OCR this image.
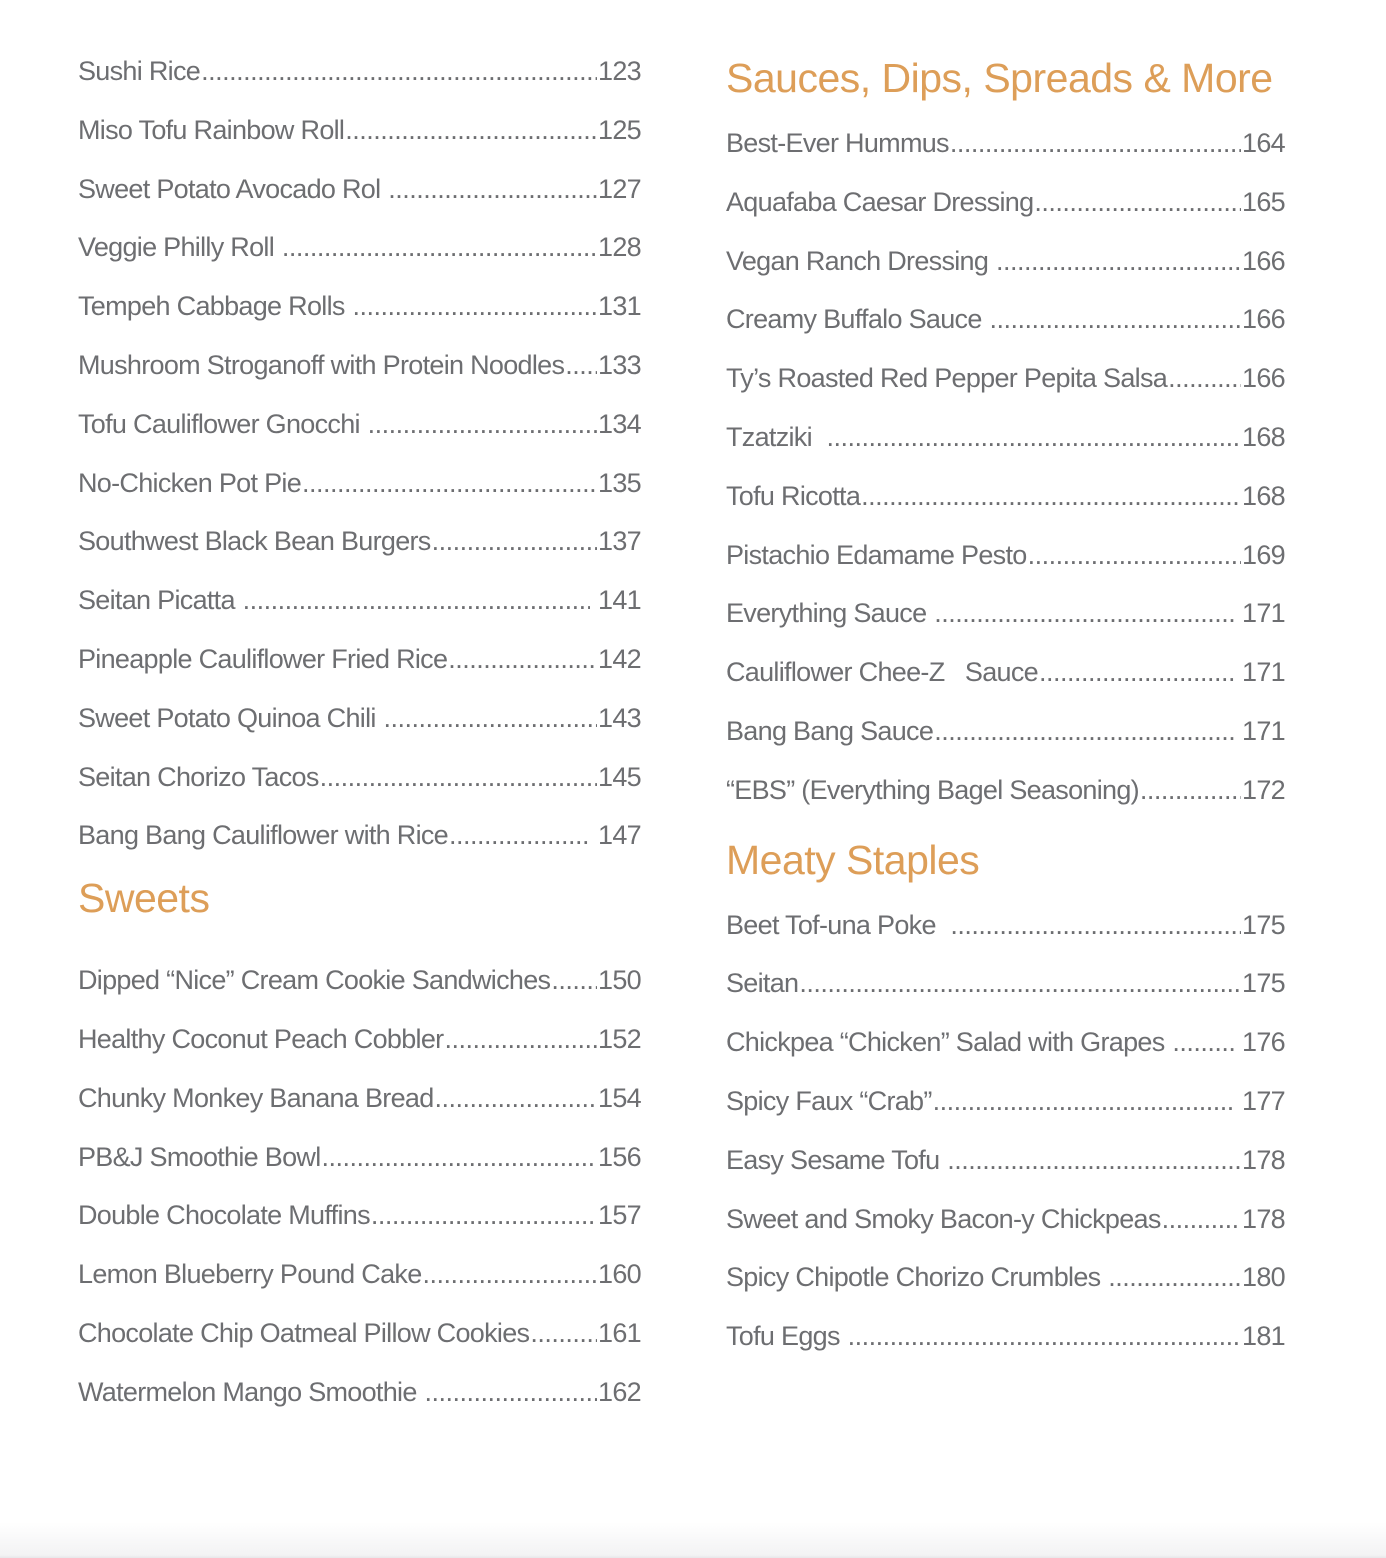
Sushi Rice .....	123
Miso Tofu Rainbow Roll .....	125
Sweet Potato Avocado Rol .....	127
Veggie Philly Roll .....	128
Tempeh Cabbage Rolls .....	131
Mushroom Stroganoff with Protein Noodles ..... 133
Tofu Cauliflower Gnocchi .....	134
No-Chicken Pot Pie .....	135
Southwest Black Bean Burgers .....	137
Seitan Picatta .....	141
Pineapple Cauliflower Fried Rice .....	142
Sweet Potato Quinoa Chili .....	143
Seitan Chorizo Tacos .....	145
Bang Bang Cauliflower with Rice .....	147
Sweets
Dipped “Nice” Cream Cookie Sandwiches ..... 150
Healthy Coconut Peach Cobbler .....	152
Chunky Monkey Banana Bread .....	154
PB&J Smoothie Bowl .....	156
Double Chocolate Muffins .....	157
Lemon Blueberry Pound Cake .....	160
Chocolate Chip Oatmeal Pillow Cookies .....	161
Watermelon Mango Smoothie .....	162
Sauces, Dips, Spreads & More
Best-Ever Hummus .....	164
Aquafaba Caesar Dressing .....	165
Vegan Ranch Dressing .....	166
Creamy Buffalo Sauce .....	166
Ty’s Roasted Red Pepper Pepita Salsa .....	166
Tzatziki .....	168
Tofu Ricotta .....	168
Pistachio Edamame Pesto .....	169
Everything Sauce .....	171
Cauliflower Chee-Z   Sauce .....	171
Bang Bang Sauce .....	171
“EBS” (Everything Bagel Seasoning) .....	172
Meaty Staples
Beet Tof-una Poke .....	175
Seitan .....	175
Chickpea “Chicken” Salad with Grapes ..... 176
Spicy Faux “Crab” .....	177
Easy Sesame Tofu .....	178
Sweet and Smoky Bacon-y Chickpeas .....	178
Spicy Chipotle Chorizo Crumbles .....	180
Tofu Eggs .....	181
